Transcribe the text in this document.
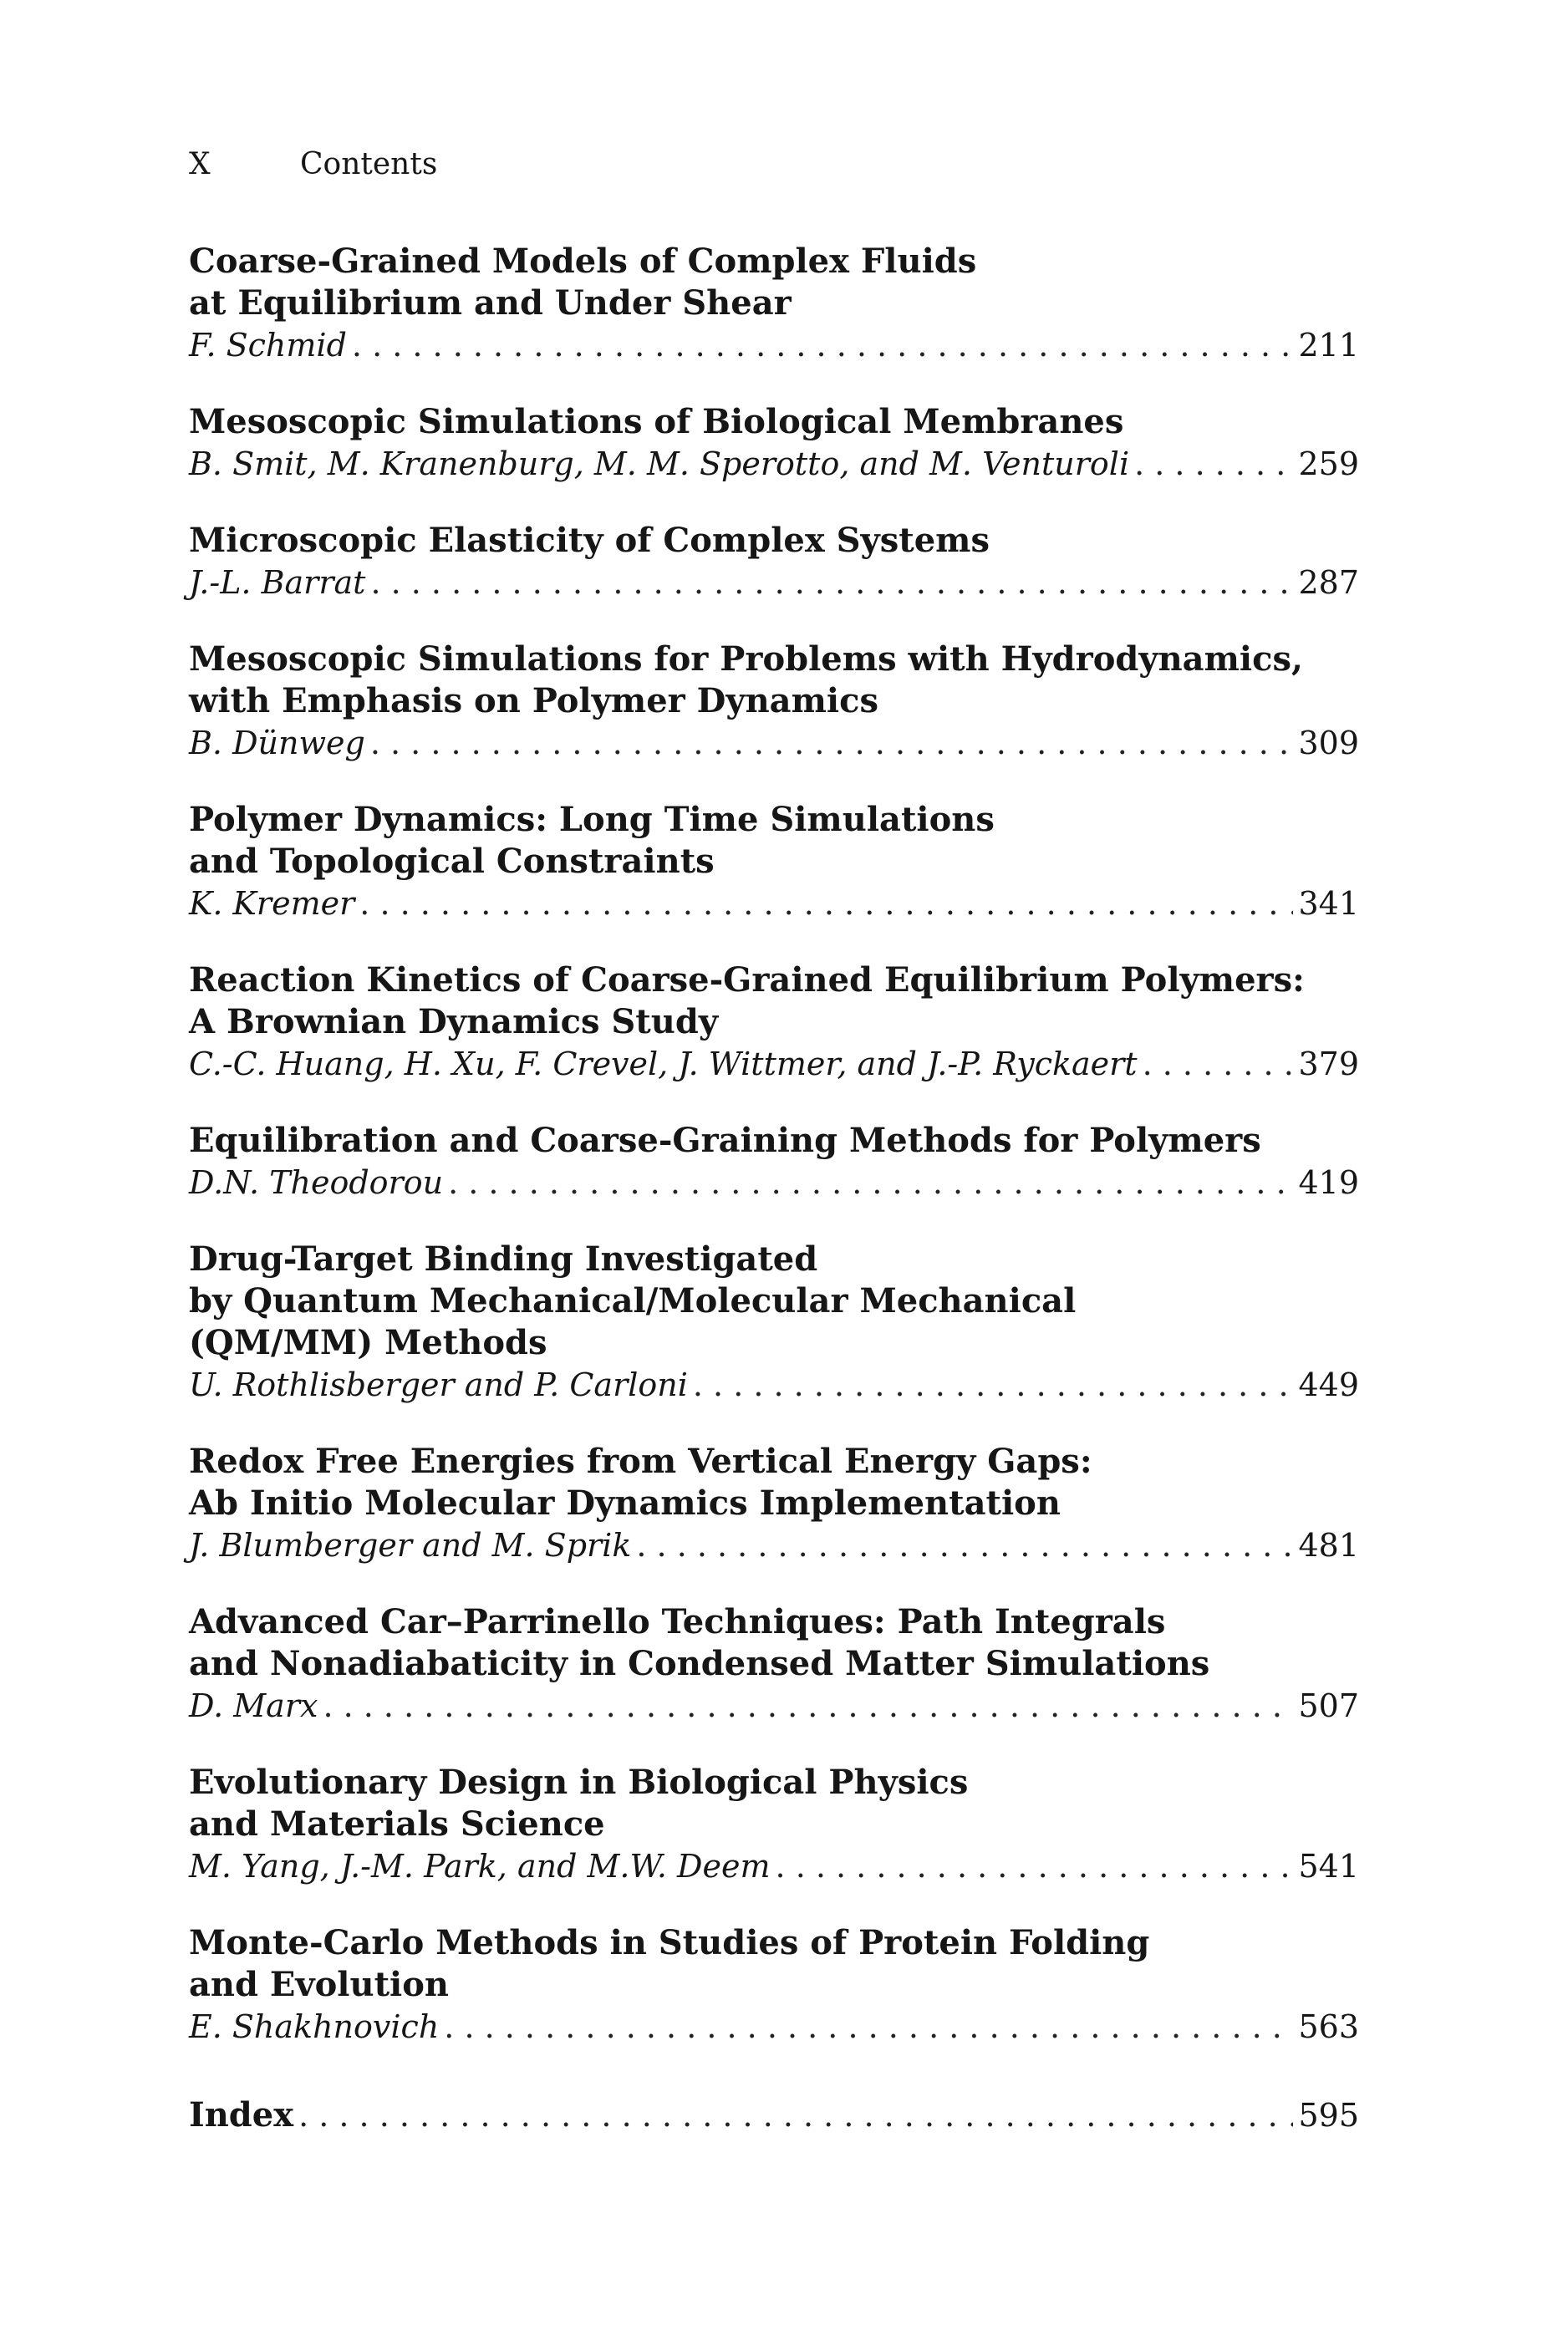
X	Contents
Coarse-Grained Models of Complex Fluids
at Equilibrium and Under Shear
F. Schmid . . .	211
Mesoscopic Simulations of Biological Membranes
B. Smit, M. Kranenburg, M. M. Sperotto, and M. Venturoli . . .	259
Microscopic Elasticity of Complex Systems
J.-L. Barrat . . .	287
Mesoscopic Simulations for Problems with Hydrodynamics,
with Emphasis on Polymer Dynamics
B. Dünweg . . .	309
Polymer Dynamics: Long Time Simulations
and Topological Constraints
K. Kremer . . .	341
Reaction Kinetics of Coarse-Grained Equilibrium Polymers:
A Brownian Dynamics Study
C.-C. Huang, H. Xu, F. Crevel, J. Wittmer, and J.-P. Ryckaert . . .	379
Equilibration and Coarse-Graining Methods for Polymers
D.N. Theodorou . . .	419
Drug-Target Binding Investigated
by Quantum Mechanical/Molecular Mechanical
(QM/MM) Methods
U. Rothlisberger and P. Carloni . . .	449
Redox Free Energies from Vertical Energy Gaps:
Ab Initio Molecular Dynamics Implementation
J. Blumberger and M. Sprik . . .	481
Advanced Car–Parrinello Techniques: Path Integrals
and Nonadiabaticity in Condensed Matter Simulations
D. Marx . . .	507
Evolutionary Design in Biological Physics
and Materials Science
M. Yang, J.-M. Park, and M.W. Deem . . .	541
Monte-Carlo Methods in Studies of Protein Folding
and Evolution
E. Shakhnovich . . .	563
Index . . .	595
